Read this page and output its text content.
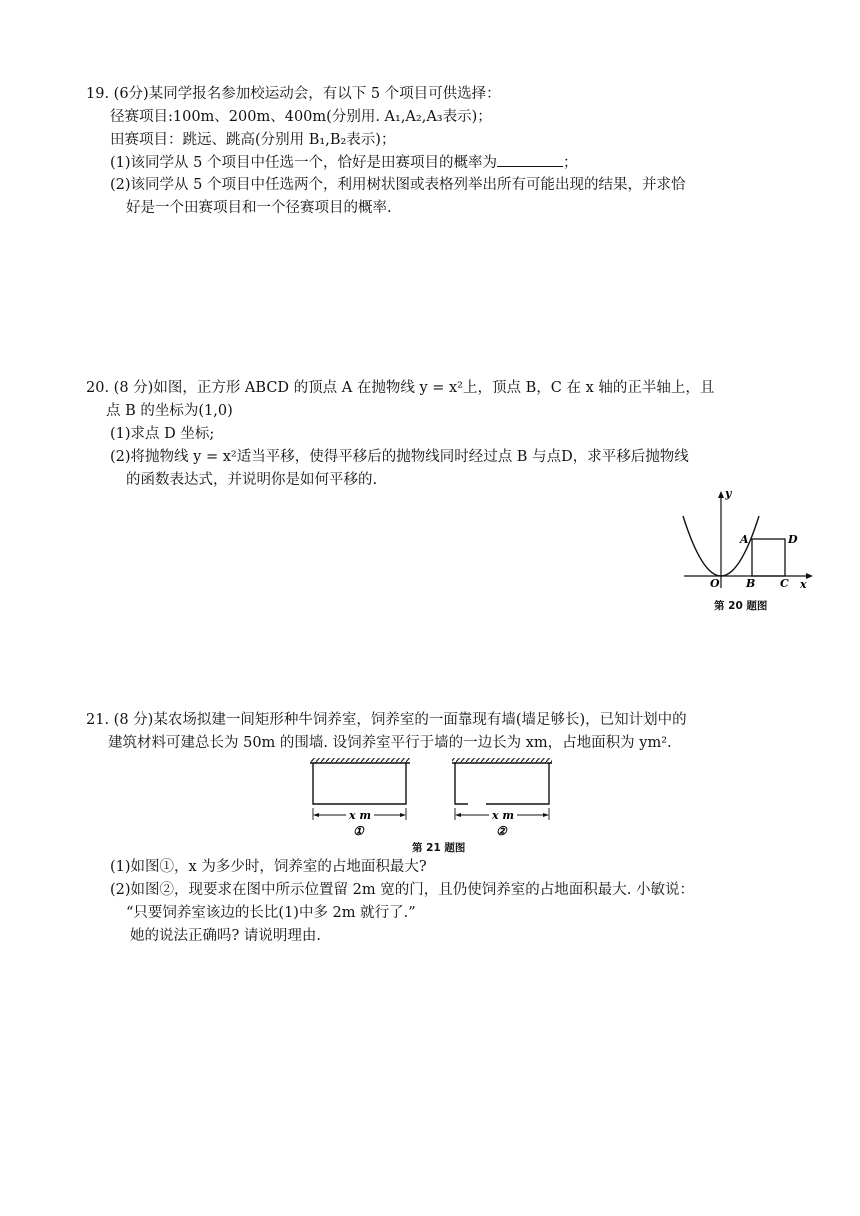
19. (6分)某同学报名参加校运动会，有以下 5 个项目可供选择：
径赛项目:100m、200m、400m(分别用. A₁,A₂,A₃表示)；
田赛项目：跳远、跳高(分别用 B₁,B₂表示)；
(1)该同学从 5 个项目中任选一个，恰好是田赛项目的概率为	；
(2)该同学从 5 个项目中任选两个，利用树状图或表格列举出所有可能出现的结果，并求恰
好是一个田赛项目和一个径赛项目的概率.
20. (8 分)如图，正方形 ABCD 的顶点 A 在抛物线 y = x²上，顶点 B，C 在 x 轴的正半轴上，且
点 B 的坐标为(1,0)
(1)求点 D 坐标;
(2)将抛物线 y = x²适当平移，使得平移后的抛物线同时经过点 B 与点D，求平移后抛物线
的函数表达式，并说明你是如何平移的.
y
x
O
A
B C
D
第 20 题图
21. (8 分)某农场拟建一间矩形种牛饲养室，饲养室的一面靠现有墙(墙足够长)，已知计划中的
建筑材料可建总长为 50m 的围墙. 设饲养室平行于墙的一边长为 xm，占地面积为 ym².
x m
①
x m
②
第 21 题图
(1)如图①，x 为多少时，饲养室的占地面积最大?
(2)如图②，现要求在图中所示位置留 2m 宽的门，且仍使饲养室的占地面积最大. 小敏说：
“只要饲养室该边的长比(1)中多 2m 就行了.”
她的说法正确吗? 请说明理由.
